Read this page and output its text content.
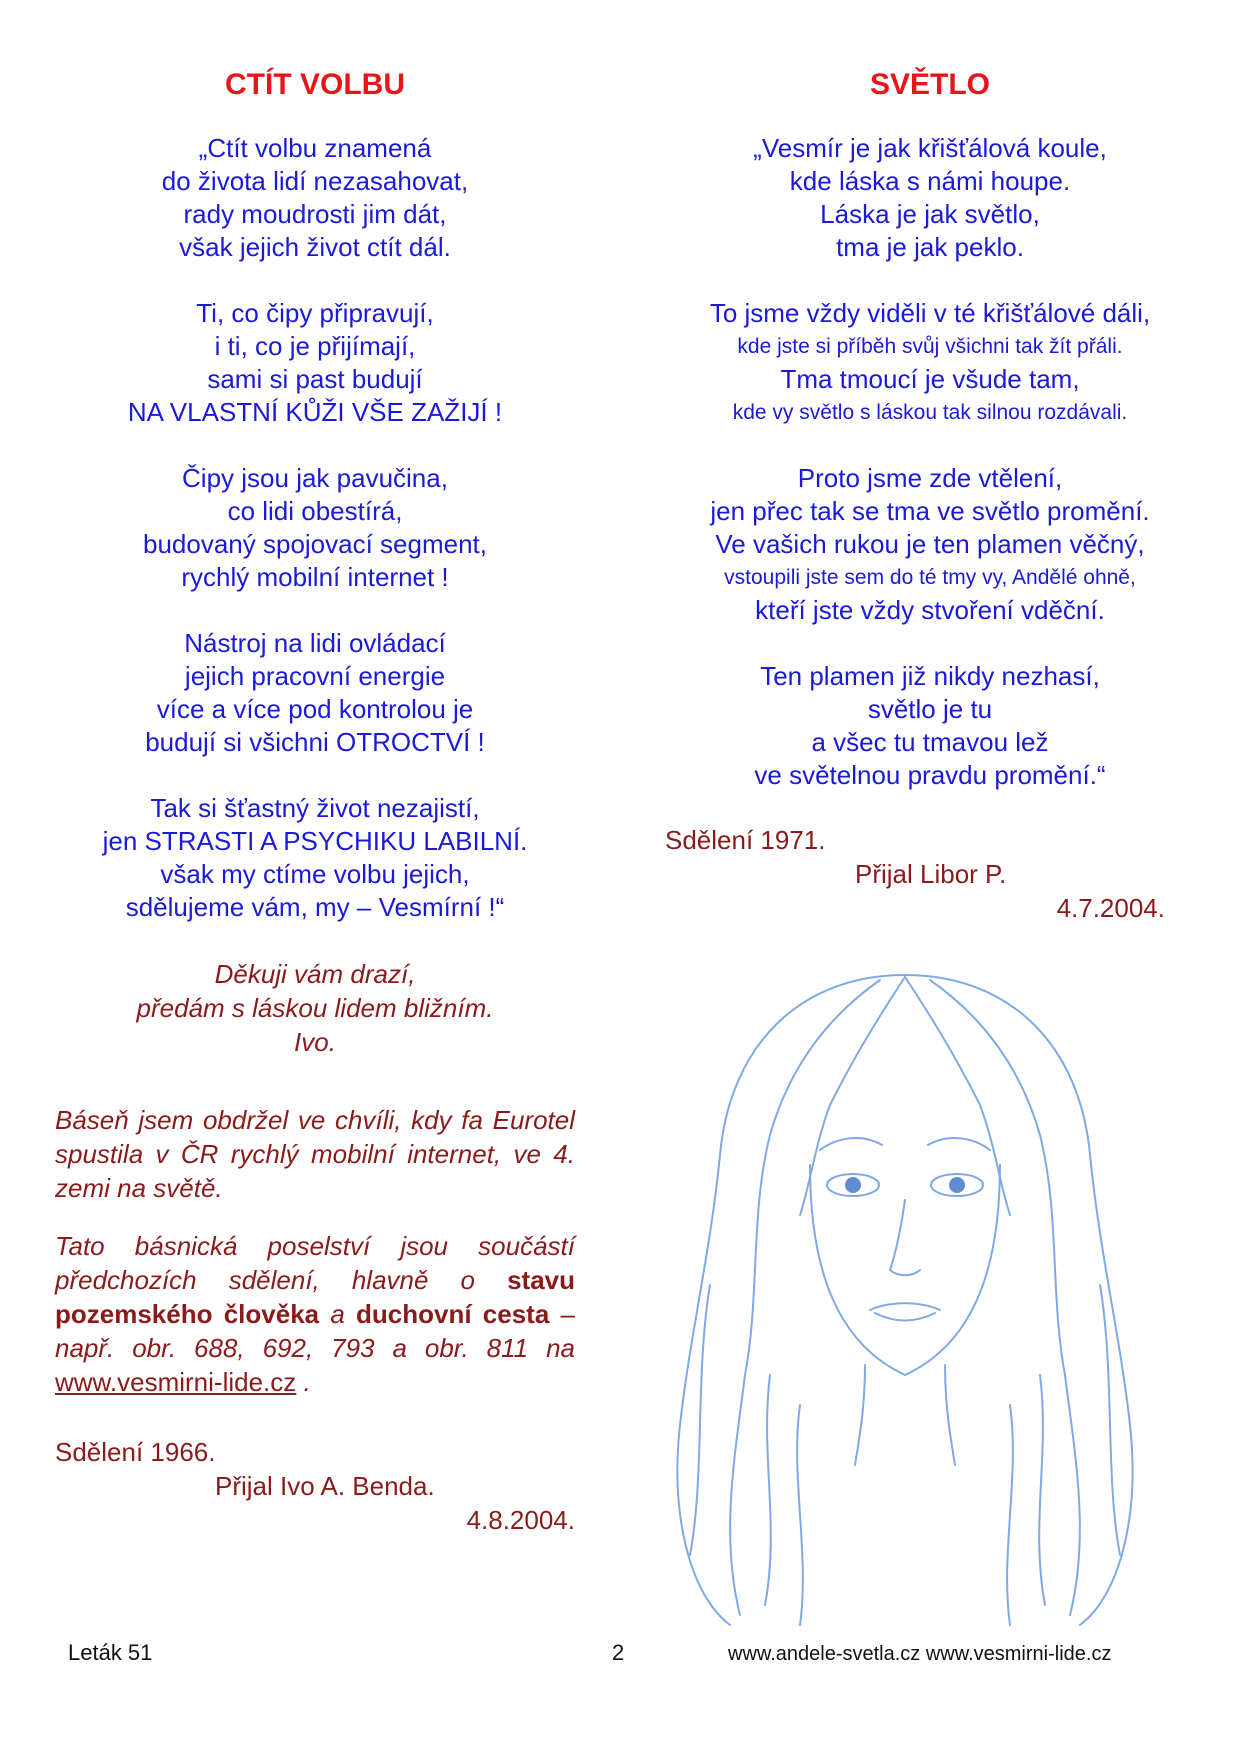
CTÍT VOLBU
„Ctít volbu znamená
do života lidí nezasahovat,
rady moudrosti jim dát,
však jejich život ctít dál.
Ti, co čipy připravují,
i ti, co je přijímají,
sami si past budují
NA VLASTNÍ KŮŽI VŠE ZAŽIJÍ !
Čipy jsou jak pavučina,
co lidi obestírá,
budovaný spojovací segment,
rychlý mobilní internet !
Nástroj na lidi ovládací
jejich pracovní energie
více a více pod kontrolou je
budují si všichni OTROCTVÍ !
Tak si šťastný život nezajistí,
jen STRASTI A PSYCHIKU LABILNÍ.
však my ctíme volbu jejich,
sdělujeme vám, my – Vesmírní !“
Děkuji vám drazí,
předám s láskou lidem bližním.
Ivo.

Báseň jsem obdržel ve chvíli, kdy fa Eurotel spustila v ČR rychlý mobilní internet, ve 4. zemi na světě.

Tato básnická poselství jsou součástí předchozích sdělení, hlavně o stavu pozemského člověka a duchovní cesta – např. obr. 688, 692, 793 a obr. 811 na www.vesmirni-lide.cz .

Sdělení 1966.
Přijal Ivo A. Benda.
4.8.2004.
SVĚTLO
„Vesmír je jak křišťálová koule,
kde láska s námi houpe.
Láska je jak světlo,
tma je jak peklo.
To jsme vždy viděli v té křišťálové dáli,
kde jste si příběh svůj všichni tak žít přáli.
Tma tmoucí je všude tam,
kde vy světlo s láskou tak silnou rozdávali.
Proto jsme zde vtělení,
jen přec tak se tma ve světlo promění.
Ve vašich rukou je ten plamen věčný,
vstoupili jste sem do té tmy vy, Andělé ohně,
kteří jste vždy stvoření vděční.
Ten plamen již nikdy nezhasí,
světlo je tu
a všec tu tmavou lež
ve světelnou pravdu promění.“
Sdělení 1971.
Přijal Libor P.
4.7.2004.
Leták 51	2	www.andele-svetla.cz www.vesmirni-lide.cz
